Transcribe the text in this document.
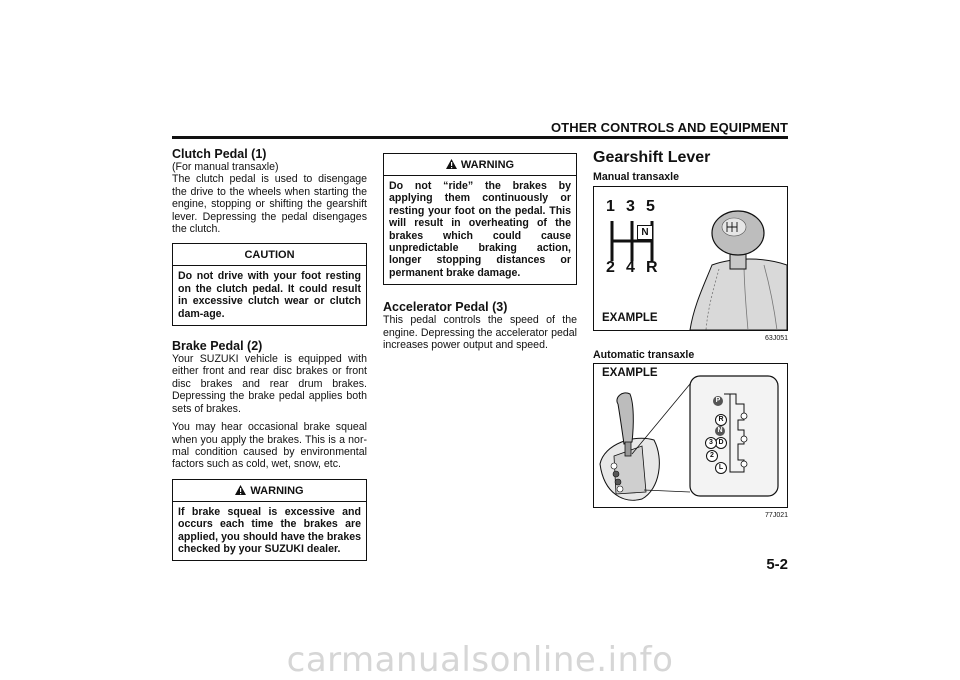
OTHER CONTROLS AND EQUIPMENT
Clutch Pedal (1)

(For manual transaxle)

The clutch pedal is used to disengage the drive to the wheels when starting the engine, stopping or shifting the gearshift lever. Depressing the pedal disengages the clutch.

CAUTION
Do not drive with your foot resting on the clutch pedal. It could result in excessive clutch wear or clutch dam-age.
Brake Pedal (2)

Your SUZUKI vehicle is equipped with either front and rear disc brakes or front disc brakes and rear drum brakes. Depressing the brake pedal applies both sets of brakes.

You may hear occasional brake squeal when you apply the brakes. This is a nor-mal condition caused by environmental factors such as cold, wet, snow, etc.

WARNING
If brake squeal is excessive and occurs each time the brakes are applied, you should have the brakes checked by your SUZUKI dealer.
WARNING
Do not “ride” the brakes by applying them continuously or resting your foot on the pedal. This will result in overheating of the brakes which could cause unpredictable braking action, longer stopping distances or permanent brake damage.
Accelerator Pedal (3)

This pedal controls the speed of the engine. Depressing the accelerator pedal increases power output and speed.

Gearshift Lever
Manual transaxle
1 3 5
2 4 R
N
EXAMPLE
63J051
Automatic transaxle
P
R
N
D
3
2
L
EXAMPLE
77J021
5-2
carmanualsonline.info
